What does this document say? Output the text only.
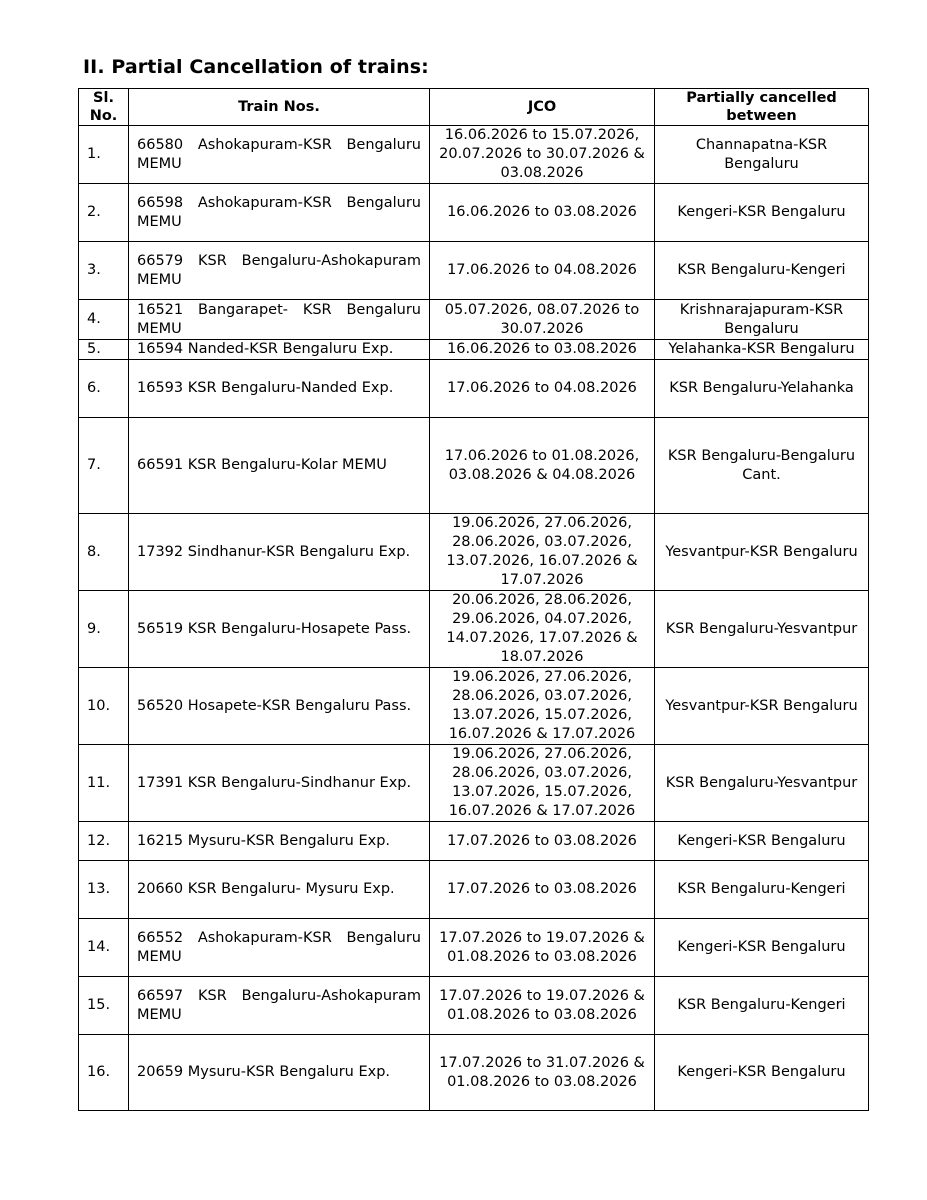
II. Partial Cancellation of trains:
Sl. No.	Train Nos.	JCO	Partially cancelled between
1.	66580 Ashokapuram-KSR Bengaluru MEMU	16.06.2026 to 15.07.2026, 20.07.2026 to 30.07.2026 & 03.08.2026	Channapatna-KSR Bengaluru
2.	66598 Ashokapuram-KSR Bengaluru MEMU	16.06.2026 to 03.08.2026	Kengeri-KSR Bengaluru
3.	66579 KSR Bengaluru-Ashokapuram MEMU	17.06.2026 to 04.08.2026	KSR Bengaluru-Kengeri
4.	16521 Bangarapet- KSR Bengaluru MEMU	05.07.2026, 08.07.2026 to 30.07.2026	Krishnarajapuram-KSR Bengaluru
5.	16594 Nanded-KSR Bengaluru Exp.	16.06.2026 to 03.08.2026	Yelahanka-KSR Bengaluru
6.	16593 KSR Bengaluru-Nanded Exp.	17.06.2026 to 04.08.2026	KSR Bengaluru-Yelahanka
7.	66591 KSR Bengaluru-Kolar MEMU	17.06.2026 to 01.08.2026, 03.08.2026 & 04.08.2026	KSR Bengaluru-Bengaluru Cant.
8.	17392 Sindhanur-KSR Bengaluru Exp.	19.06.2026, 27.06.2026, 28.06.2026, 03.07.2026, 13.07.2026, 16.07.2026 & 17.07.2026	Yesvantpur-KSR Bengaluru
9.	56519 KSR Bengaluru-Hosapete Pass.	20.06.2026, 28.06.2026, 29.06.2026, 04.07.2026, 14.07.2026, 17.07.2026 & 18.07.2026	KSR Bengaluru-Yesvantpur
10.	56520 Hosapete-KSR Bengaluru Pass.	19.06.2026, 27.06.2026, 28.06.2026, 03.07.2026, 13.07.2026, 15.07.2026, 16.07.2026 & 17.07.2026	Yesvantpur-KSR Bengaluru
11.	17391 KSR Bengaluru-Sindhanur Exp.	19.06.2026, 27.06.2026, 28.06.2026, 03.07.2026, 13.07.2026, 15.07.2026, 16.07.2026 & 17.07.2026	KSR Bengaluru-Yesvantpur
12.	16215 Mysuru-KSR Bengaluru Exp.	17.07.2026 to 03.08.2026	Kengeri-KSR Bengaluru
13.	20660 KSR Bengaluru- Mysuru Exp.	17.07.2026 to 03.08.2026	KSR Bengaluru-Kengeri
14.	66552 Ashokapuram-KSR Bengaluru MEMU	17.07.2026 to 19.07.2026 & 01.08.2026 to 03.08.2026	Kengeri-KSR Bengaluru
15.	66597 KSR Bengaluru-Ashokapuram MEMU	17.07.2026 to 19.07.2026 & 01.08.2026 to 03.08.2026	KSR Bengaluru-Kengeri
16.	20659 Mysuru-KSR Bengaluru Exp.	17.07.2026 to 31.07.2026 & 01.08.2026 to 03.08.2026	Kengeri-KSR Bengaluru
